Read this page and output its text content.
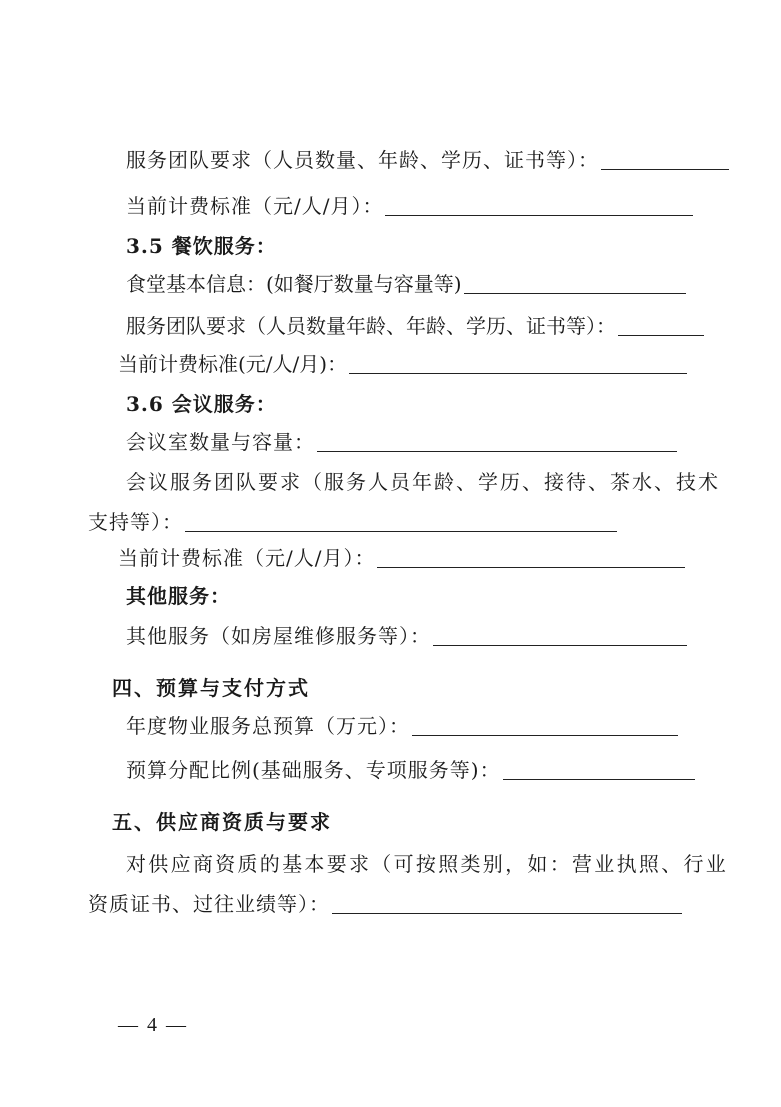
服务团队要求（人员数量、年龄、学历、证书等）：
当前计费标准（元/人/月）：
3.5 餐饮服务：
食堂基本信息：(如餐厅数量与容量等)
服务团队要求（人员数量年龄、年龄、学历、证书等）：
当前计费标准(元/人/月)：
3.6 会议服务：
会议室数量与容量：
会议服务团队要求（服务人员年龄、学历、接待、茶水、技术
支持等）：
当前计费标准（元/人/月）：
其他服务：
其他服务（如房屋维修服务等）：
四、预算与支付方式
年度物业服务总预算（万元）：
预算分配比例(基础服务、专项服务等)：
五、供应商资质与要求
对供应商资质的基本要求（可按照类别，如：营业执照、行业
资质证书、过往业绩等）：
— 4 —
